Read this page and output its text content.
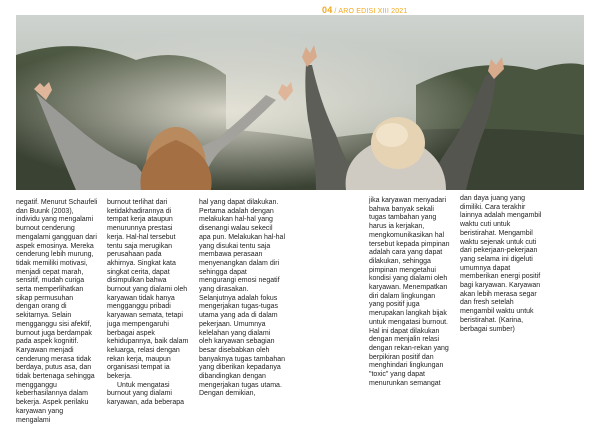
04 / ARO EDISI XIII 2021

negatif. Menurut Schaufeli dan Buunk (2003), individu yang mengalami burnout cenderung mengalami gangguan dari aspek emosinya. Mereka cenderung lebih murung, tidak memiliki motivasi, menjadi cepat marah, sensitif, mudah curiga serta memperlihatkan sikap permusuhan dengan orang di sekitarnya. Selain mengganggu sisi afektif, burnout juga berdampak pada aspek kognitif. Karyawan menjadi cenderung merasa tidak berdaya, putus asa, dan tidak bertenaga sehingga mengganggu keberhasilannya dalam bekerja. Aspek perilaku karyawan yang mengalami

burnout terlihat dari ketidakhadirannya di tempat kerja ataupun menurunnya prestasi kerja. Hal-hal tersebut tentu saja merugikan perusahaan pada akhirnya. Singkat kata singkat cerita, dapat disimpulkan bahwa burnout yang dialami oleh karyawan tidak hanya mengganggu pribadi karyawan semata, tetapi juga mempengaruhi berbagai aspek kehidupannya, baik dalam keluarga, relasi dengan rekan kerja, maupun organisasi tempat ia bekerja.

Untuk mengatasi burnout yang dialami karyawan, ada beberapa

hal yang dapat dilakukan. Pertama adalah dengan melakukan hal-hal yang disenangi walau sekecil apa pun. Melakukan hal-hal yang disukai tentu saja membawa perasaan menyenangkan dalam diri sehingga dapat mengurangi emosi negatif yang dirasakan. Selanjutnya adalah fokus mengerjakan tugas-tugas utama yang ada di dalam pekerjaan. Umumnya kelelahan yang dialami oleh karyawan sebagian besar disebabkan oleh banyaknya tugas tambahan yang diberikan kepadanya dibandingkan dengan mengerjakan tugas utama. Dengan demikian,

jika karyawan menyadari bahwa banyak sekali tugas tambahan yang harus ia kerjakan, mengkomunikasikan hal tersebut kepada pimpinan adalah cara yang dapat dilakukan, sehingga pimpinan mengetahui kondisi yang dialami oleh karyawan. Menempatkan diri dalam lingkungan yang positif juga merupakan langkah bijak untuk mengatasi burnout. Hal ini dapat dilakukan dengan menjalin relasi dengan rekan-rekan yang berpikiran positif dan menghindari lingkungan "toxic" yang dapat menurunkan semangat

dan daya juang yang dimiliki. Cara terakhir lainnya adalah mengambil waktu cuti untuk beristirahat. Mengambil waktu sejenak untuk cuti dari pekerjaan-pekerjaan yang selama ini digeluti umumnya dapat memberikan energi positif bagi karyawan. Karyawan akan lebih merasa segar dan fresh setelah mengambil waktu untuk beristirahat. (Karina, berbagai sumber)
